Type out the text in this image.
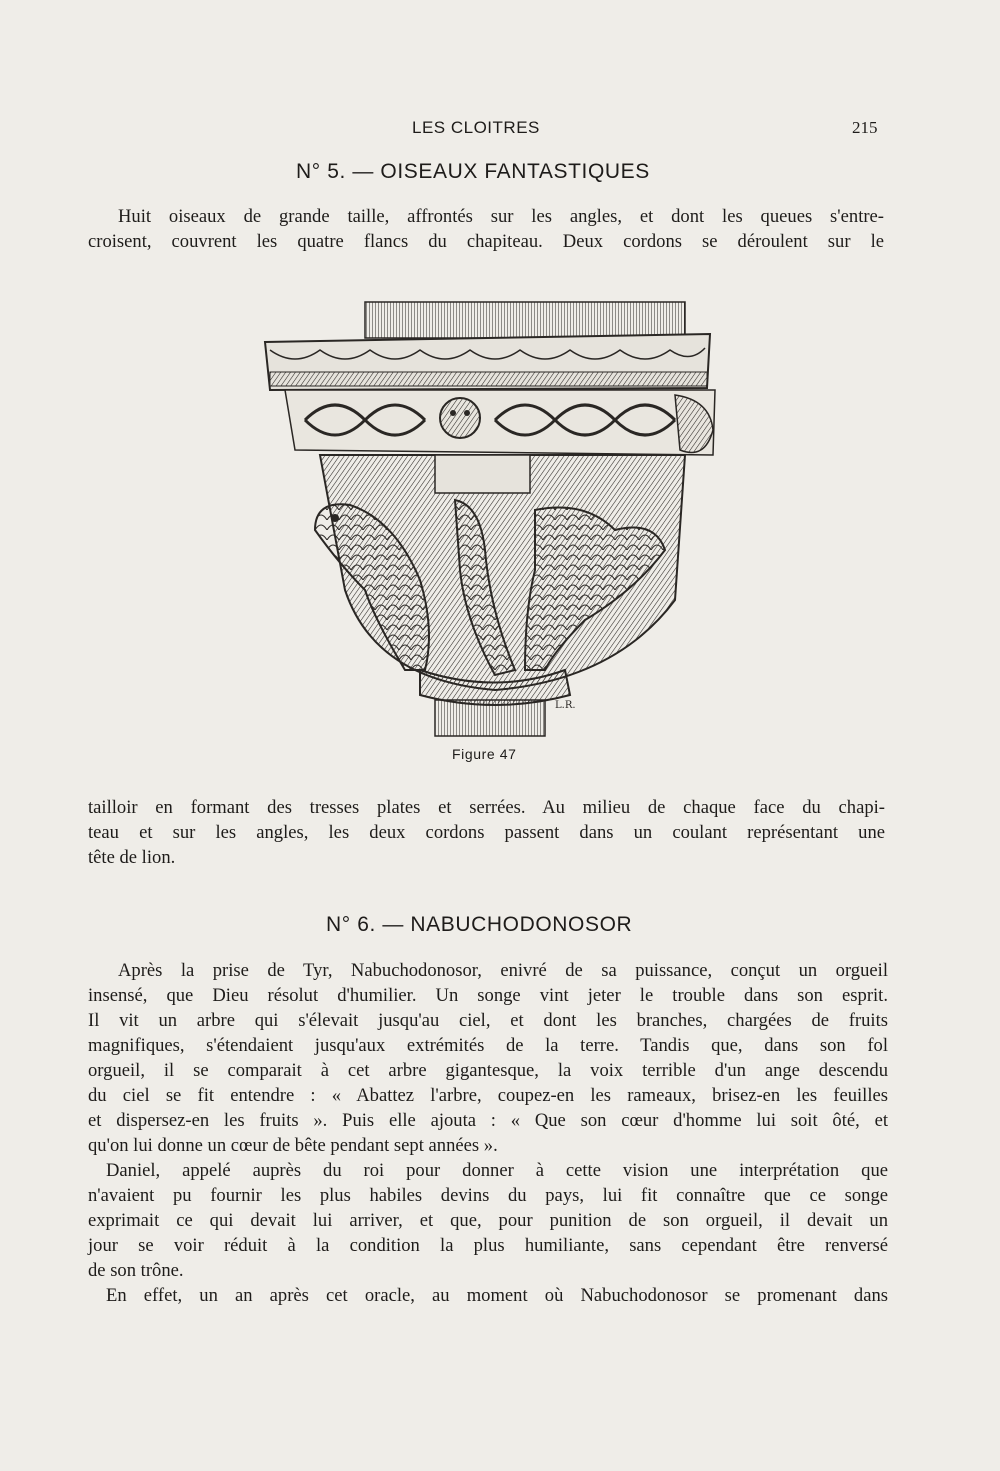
LES CLOITRES	215
N° 5. — OISEAUX FANTASTIQUES
Huit oiseaux de grande taille, affrontés sur les angles, et dont les queues s'entre-
croisent, couvrent les quatre flancs du chapiteau. Deux cordons se déroulent sur le
L.R.
Figure 47
tailloir en formant des tresses plates et serrées. Au milieu de chaque face du chapi-
teau et sur les angles, les deux cordons passent dans un coulant représentant une
tête de lion.
N° 6. — NABUCHODONOSOR
Après la prise de Tyr, Nabuchodonosor, enivré de sa puissance, conçut un orgueil
insensé, que Dieu résolut d'humilier. Un songe vint jeter le trouble dans son esprit.
Il vit un arbre qui s'élevait jusqu'au ciel, et dont les branches, chargées de fruits
magnifiques, s'étendaient jusqu'aux extrémités de la terre. Tandis que, dans son fol
orgueil, il se comparait à cet arbre gigantesque, la voix terrible d'un ange descendu
du ciel se fit entendre : « Abattez l'arbre, coupez-en les rameaux, brisez-en les feuilles
et dispersez-en les fruits ». Puis elle ajouta : « Que son cœur d'homme lui soit ôté, et
qu'on lui donne un cœur de bête pendant sept années ».
Daniel, appelé auprès du roi pour donner à cette vision une interprétation que
n'avaient pu fournir les plus habiles devins du pays, lui fit connaître que ce songe
exprimait ce qui devait lui arriver, et que, pour punition de son orgueil, il devait un
jour se voir réduit à la condition la plus humiliante, sans cependant être renversé
de son trône.
En effet, un an après cet oracle, au moment où Nabuchodonosor se promenant dans
